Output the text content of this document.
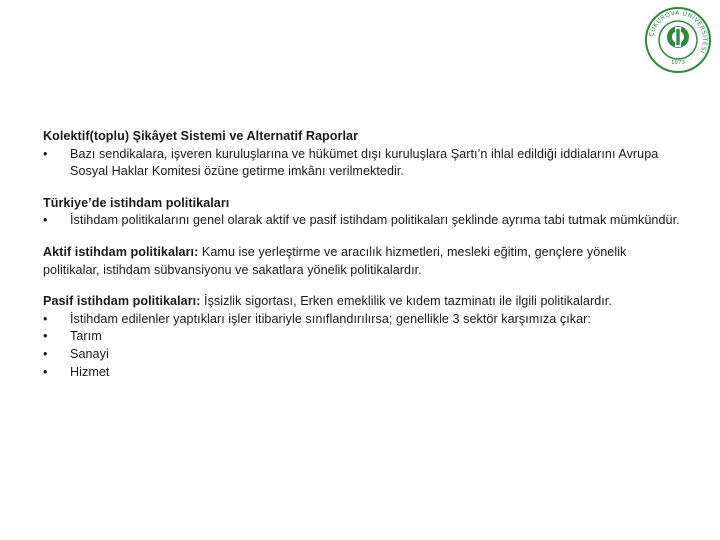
ÇUKUROVA ÜNİVERSİTESİ
1973
Kolektif(toplu) Şikâyet Sistemi ve Alternatif Raporlar
•	Bazı sendikalara, işveren kuruluşlarına ve hükümet dışı kuruluşlara Şartı’n ihlal edildiği iddialarını Avrupa Sosyal Haklar Komitesi özüne getirme imkânı verilmektedir.
Türkiye’de istihdam politikaları
•	İstihdam politikalarını genel olarak aktif ve pasif istihdam politikaları şeklinde ayrıma tabi tutmak mümkündür.
Aktif istihdam politikaları: Kamu ise yerleştirme ve aracılık hizmetleri, mesleki eğitim, gençlere yönelik politikalar, istihdam sübvansiyonu ve sakatlara yönelik politikalardır.
Pasif istihdam politikaları: İşsizlik sigortası, Erken emeklilik ve kıdem tazminatı ile ilgili politikalardır.
•	İstihdam edilenler yaptıkları işler itibariyle sınıflandırılırsa; genellikle 3 sektör karşımıza çıkar:
•	Tarım
•	Sanayi
•	Hizmet
